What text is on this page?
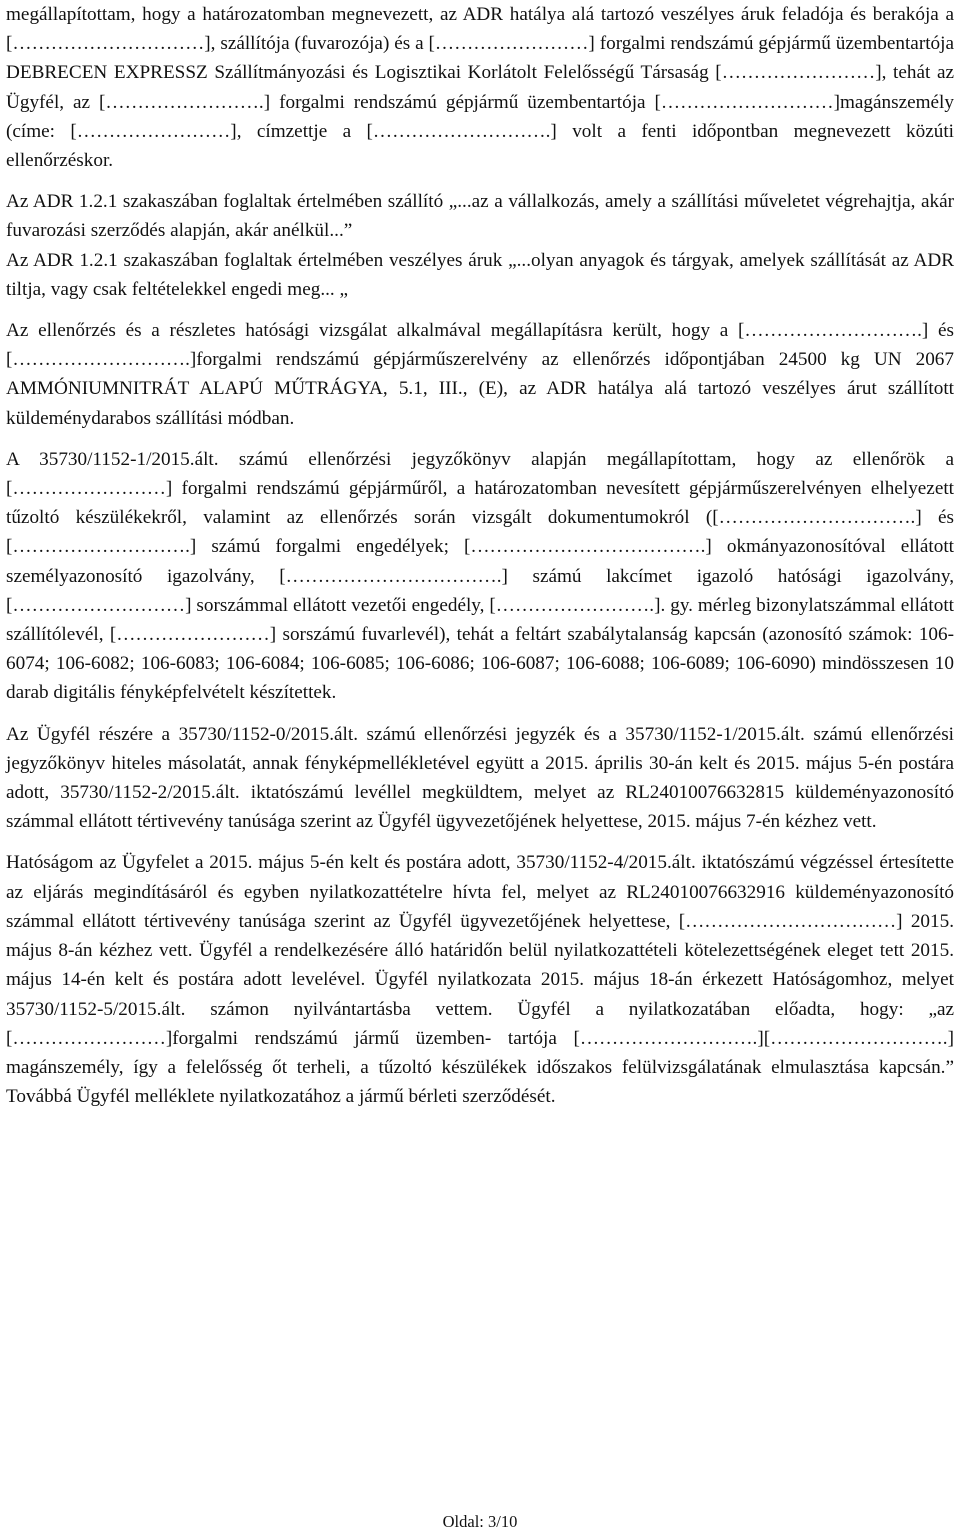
megállapítottam, hogy a határozatomban megnevezett, az ADR hatálya alá tartozó veszélyes áruk feladója és berakója a […………………………], szállítója (fuvarozója) és a [……………………] forgalmi rendszámú gépjármű üzembentartója DEBRECEN EXPRESSZ Szállítmányozási és Logisztikai Korlátolt Felelősségű Társaság [……………………], tehát az Ügyfél, az […………………….] forgalmi rendszámú gépjármű üzembentartója [………………………]magánszemély (címe: [……………………], címzettje a [……………………….] volt a fenti időpontban megnevezett közúti ellenőrzéskor.

Az ADR 1.2.1 szakaszában foglaltak értelmében szállító „...az a vállalkozás, amely a szállítási műveletet végrehajtja, akár fuvarozási szerződés alapján, akár anélkül...”

Az ADR 1.2.1 szakaszában foglaltak értelmében veszélyes áruk „...olyan anyagok és tárgyak, amelyek szállítását az ADR tiltja, vagy csak feltételekkel engedi meg... „

Az ellenőrzés és a részletes hatósági vizsgálat alkalmával megállapításra került, hogy a [……………………….] és [……………………….]forgalmi rendszámú gépjárműszerelvény az ellenőrzés időpontjában 24500 kg UN 2067 AMMÓNIUMNITRÁT ALAPÚ MŰTRÁGYA, 5.1, III., (E), az ADR hatálya alá tartozó veszélyes árut szállított küldeménydarabos szállítási módban.

A 35730/1152-1/2015.ált. számú ellenőrzési jegyzőkönyv alapján megállapítottam, hogy az ellenőrök a [……………………] forgalmi rendszámú gépjárműről, a határozatomban nevesített gépjárműszerelvényen elhelyezett tűzoltó készülékekről, valamint az ellenőrzés során vizsgált dokumentumokról ([………………………….] és [……………………….] számú forgalmi engedélyek; [……………………………….] okmányazonosítóval ellátott személyazonosító igazolvány, […………………………….] számú lakcímet igazoló hatósági igazolvány, [………………………] sorszámmal ellátott vezetői engedély, […………………….]. gy. mérleg bizonylatszámmal ellátott szállítólevél, [……………………] sorszámú fuvarlevél), tehát a feltárt szabálytalanság kapcsán (azonosító számok: 106-6074; 106-6082; 106-6083; 106-6084; 106-6085; 106-6086; 106-6087; 106-6088; 106-6089; 106-6090) mindösszesen 10 darab digitális fényképfelvételt készítettek.

Az Ügyfél részére a 35730/1152-0/2015.ált. számú ellenőrzési jegyzék és a 35730/1152-1/2015.ált. számú ellenőrzési jegyzőkönyv hiteles másolatát, annak fényképmellékletével együtt a 2015. április 30-án kelt és 2015. május 5-én postára adott, 35730/1152-2/2015.ált. iktatószámú levéllel megküldtem, melyet az RL24010076632815 küldeményazonosító számmal ellátott tértivevény tanúsága szerint az Ügyfél ügyvezetőjének helyettese, 2015. május 7-én kézhez vett.

Hatóságom az Ügyfelet a 2015. május 5-én kelt és postára adott, 35730/1152-4/2015.ált. iktatószámú végzéssel értesítette az eljárás megindításáról és egyben nyilatkozattételre hívta fel, melyet az RL24010076632916 küldeményazonosító számmal ellátott tértivevény tanúsága szerint az Ügyfél ügyvezetőjének helyettese, [……………………………] 2015. május 8-án kézhez vett. Ügyfél a rendelkezésére álló határidőn belül nyilatkozattételi kötelezettségének eleget tett 2015. május 14-én kelt és postára adott levelével. Ügyfél nyilatkozata 2015. május 18-án érkezett Hatóságomhoz, melyet 35730/1152-5/2015.ált. számon nyilvántartásba vettem. Ügyfél a nyilatkozatában előadta, hogy: „az [……………………]forgalmi rendszámú jármű üzemben- tartója [……………………….][……………………….] magánszemély, így a felelősség őt terheli, a tűzoltó készülékek időszakos felülvizsgálatának elmulasztása kapcsán.” Továbbá Ügyfél melléklete nyilatkozatához a jármű bérleti szerződését.

Oldal: 3/10
